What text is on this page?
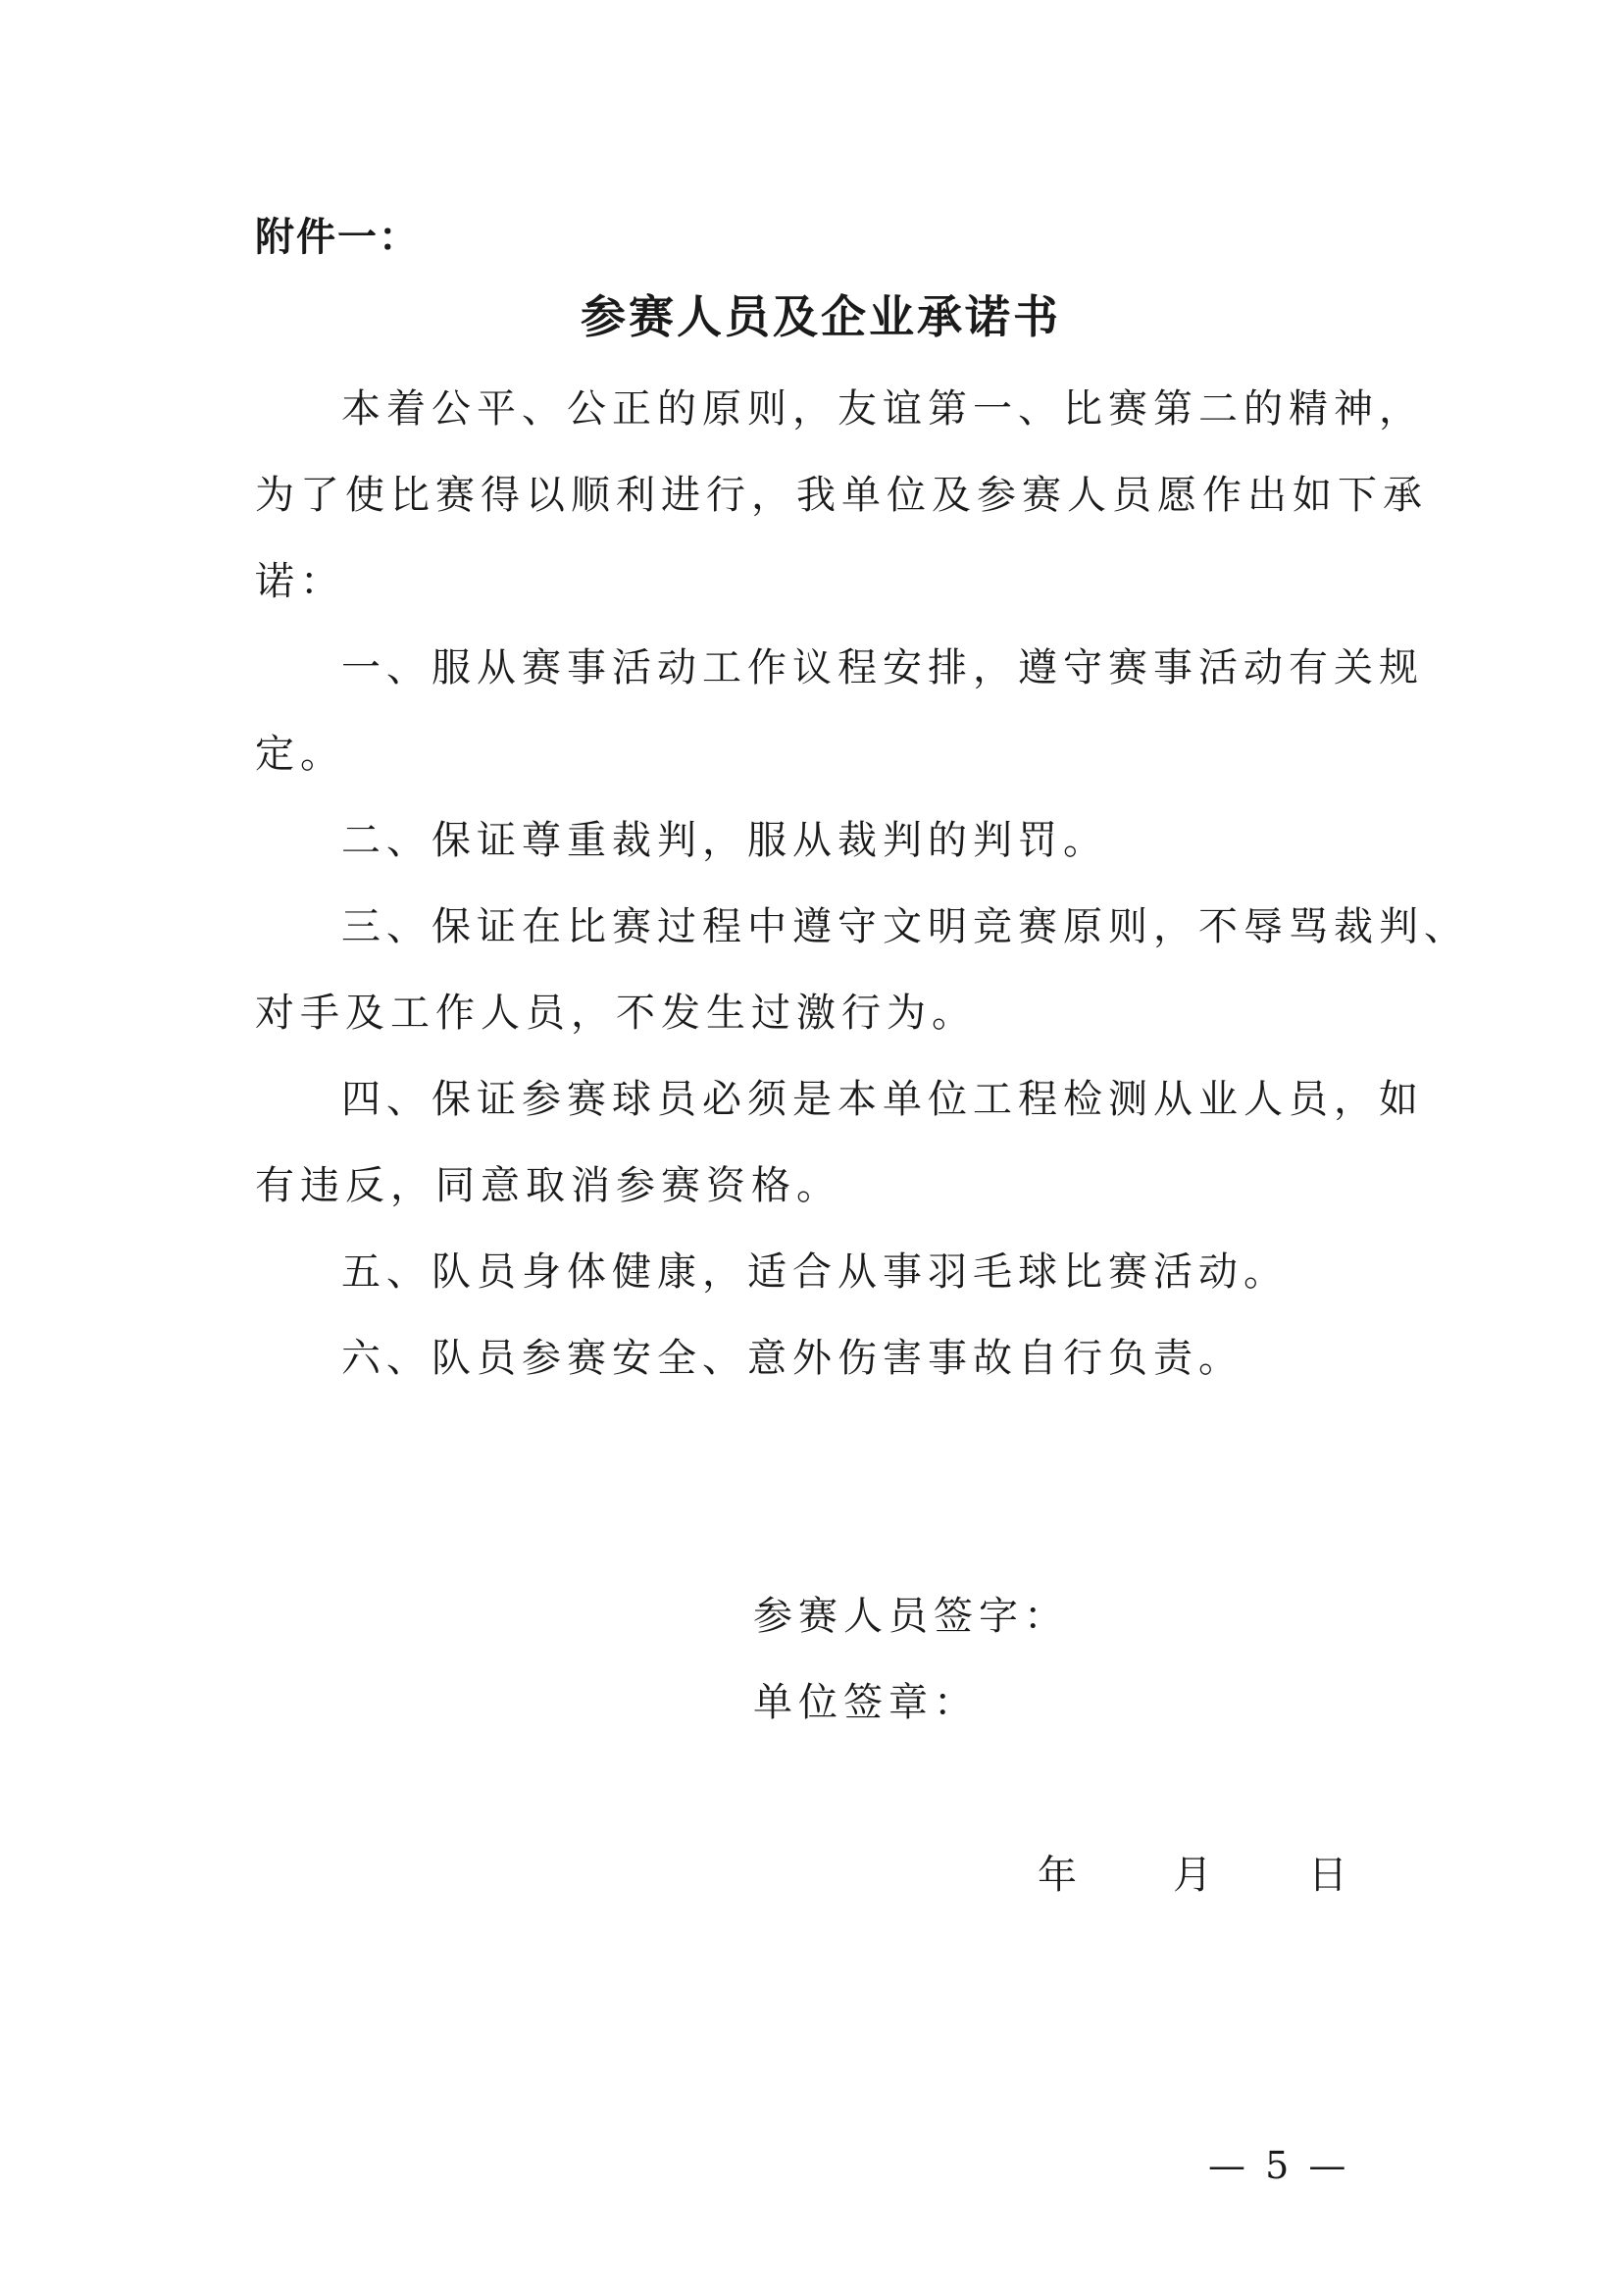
附件一：
参赛人员及企业承诺书
本着公平、公正的原则，友谊第一、比赛第二的精神，
为了使比赛得以顺利进行，我单位及参赛人员愿作出如下承
诺：
一、服从赛事活动工作议程安排，遵守赛事活动有关规
定。
二、保证尊重裁判，服从裁判的判罚。
三、保证在比赛过程中遵守文明竞赛原则，不辱骂裁判、
对手及工作人员，不发生过激行为。
四、保证参赛球员必须是本单位工程检测从业人员，如
有违反，同意取消参赛资格。
五、队员身体健康，适合从事羽毛球比赛活动。
六、队员参赛安全、意外伤害事故自行负责。
参赛人员签字：
单位签章：
年　　月　　日
— 5 —
